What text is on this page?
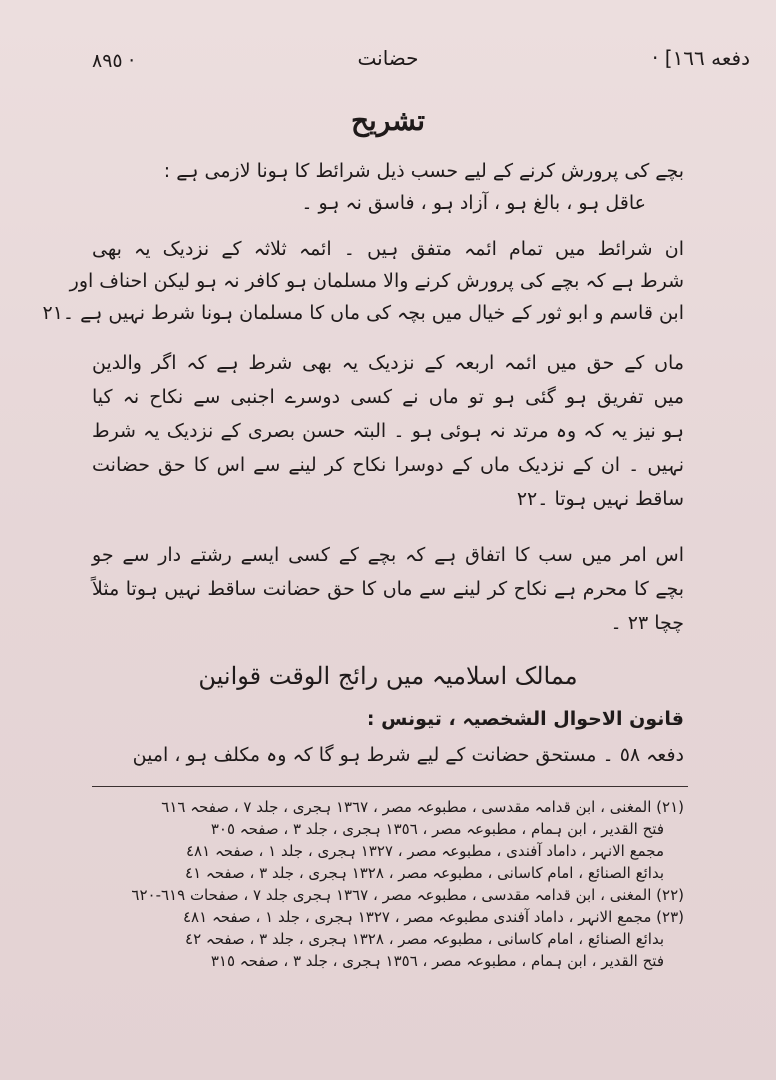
٨٩٥ ·	حضانت	دفعه ١٦٦] ·
تشریح
بچے کی پرورش کرنے کے لیے حسب ذیل شرائط کا ہونا لازمی ہے :
عاقل ہو ، بالغ ہو ، آزاد ہو ، فاسق نہ ہو ۔
ان شرائط میں تمام ائمہ متفق ہیں ۔ ائمہ ثلاثہ کے نزدیک یہ بھی
شرط ہے کہ بچے کی پرورش کرنے والا مسلمان ہو کافر نہ ہو لیکن احناف اور
ابن قاسم و ابو ثور کے خیال میں بچہ کی ماں کا مسلمان ہونا شرط نہیں ہے ۔٢١
ماں کے حق میں ائمہ اربعہ کے نزدیک یہ بھی شرط ہے کہ اگر والدین
میں تفریق ہو گئی ہو تو ماں نے کسی دوسرے اجنبی سے نکاح نہ کیا
ہو نیز یہ کہ وہ مرتد نہ ہوئی ہو ۔ البتہ حسن بصری کے نزدیک یہ شرط
نہیں ۔ ان کے نزدیک ماں کے دوسرا نکاح کر لینے سے اس کا حق حضانت
ساقط نہیں ہوتا ۔٢٢
اس امر میں سب کا اتفاق ہے کہ بچے کے کسی ایسے رشتے دار سے جو
بچے کا محرم ہے نکاح کر لینے سے ماں کا حق حضانت ساقط نہیں ہوتا مثلاً
چچا ٢٣ ۔
ممالک اسلامیہ میں رائج الوقت قوانین
قانون الاحوال الشخصیہ ، تیونس :
دفعہ ٥٨ ۔ مستحق حضانت کے لیے شرط ہو گا کہ وہ مکلف ہو ، امین
(٢١) المغنی ، ابن قدامہ مقدسی ، مطبوعہ مصر ، ١٣٦٧ ہجری ، جلد ٧ ، صفحہ ٦١٦
فتح القدیر ، ابن ہمام ، مطبوعہ مصر ، ١٣٥٦ ہجری ، جلد ٣ ، صفحہ ٣٠٥
مجمع الانہر ، داماد آفندی ، مطبوعہ مصر ، ١٣٢٧ ہجری ، جلد ١ ، صفحہ ٤٨١
بدائع الصنائع ، امام کاسانی ، مطبوعہ مصر ، ١٣٢٨ ہجری ، جلد ٣ ، صفحہ ٤١
(٢٢) المغنی ، ابن قدامہ مقدسی ، مطبوعہ مصر ، ١٣٦٧ ہجری جلد ٧ ، صفحات ٦١٩-٦٢٠
(٢٣) مجمع الانہر ، داماد آفندی مطبوعہ مصر ، ١٣٢٧ ہجری ، جلد ١ ، صفحہ ٤٨١
بدائع الصنائع ، امام کاسانی ، مطبوعہ مصر ، ١٣٢٨ ہجری ، جلد ٣ ، صفحہ ٤٢
فتح القدیر ، ابن ہمام ، مطبوعہ مصر ، ١٣٥٦ ہجری ، جلد ٣ ، صفحہ ٣١٥
